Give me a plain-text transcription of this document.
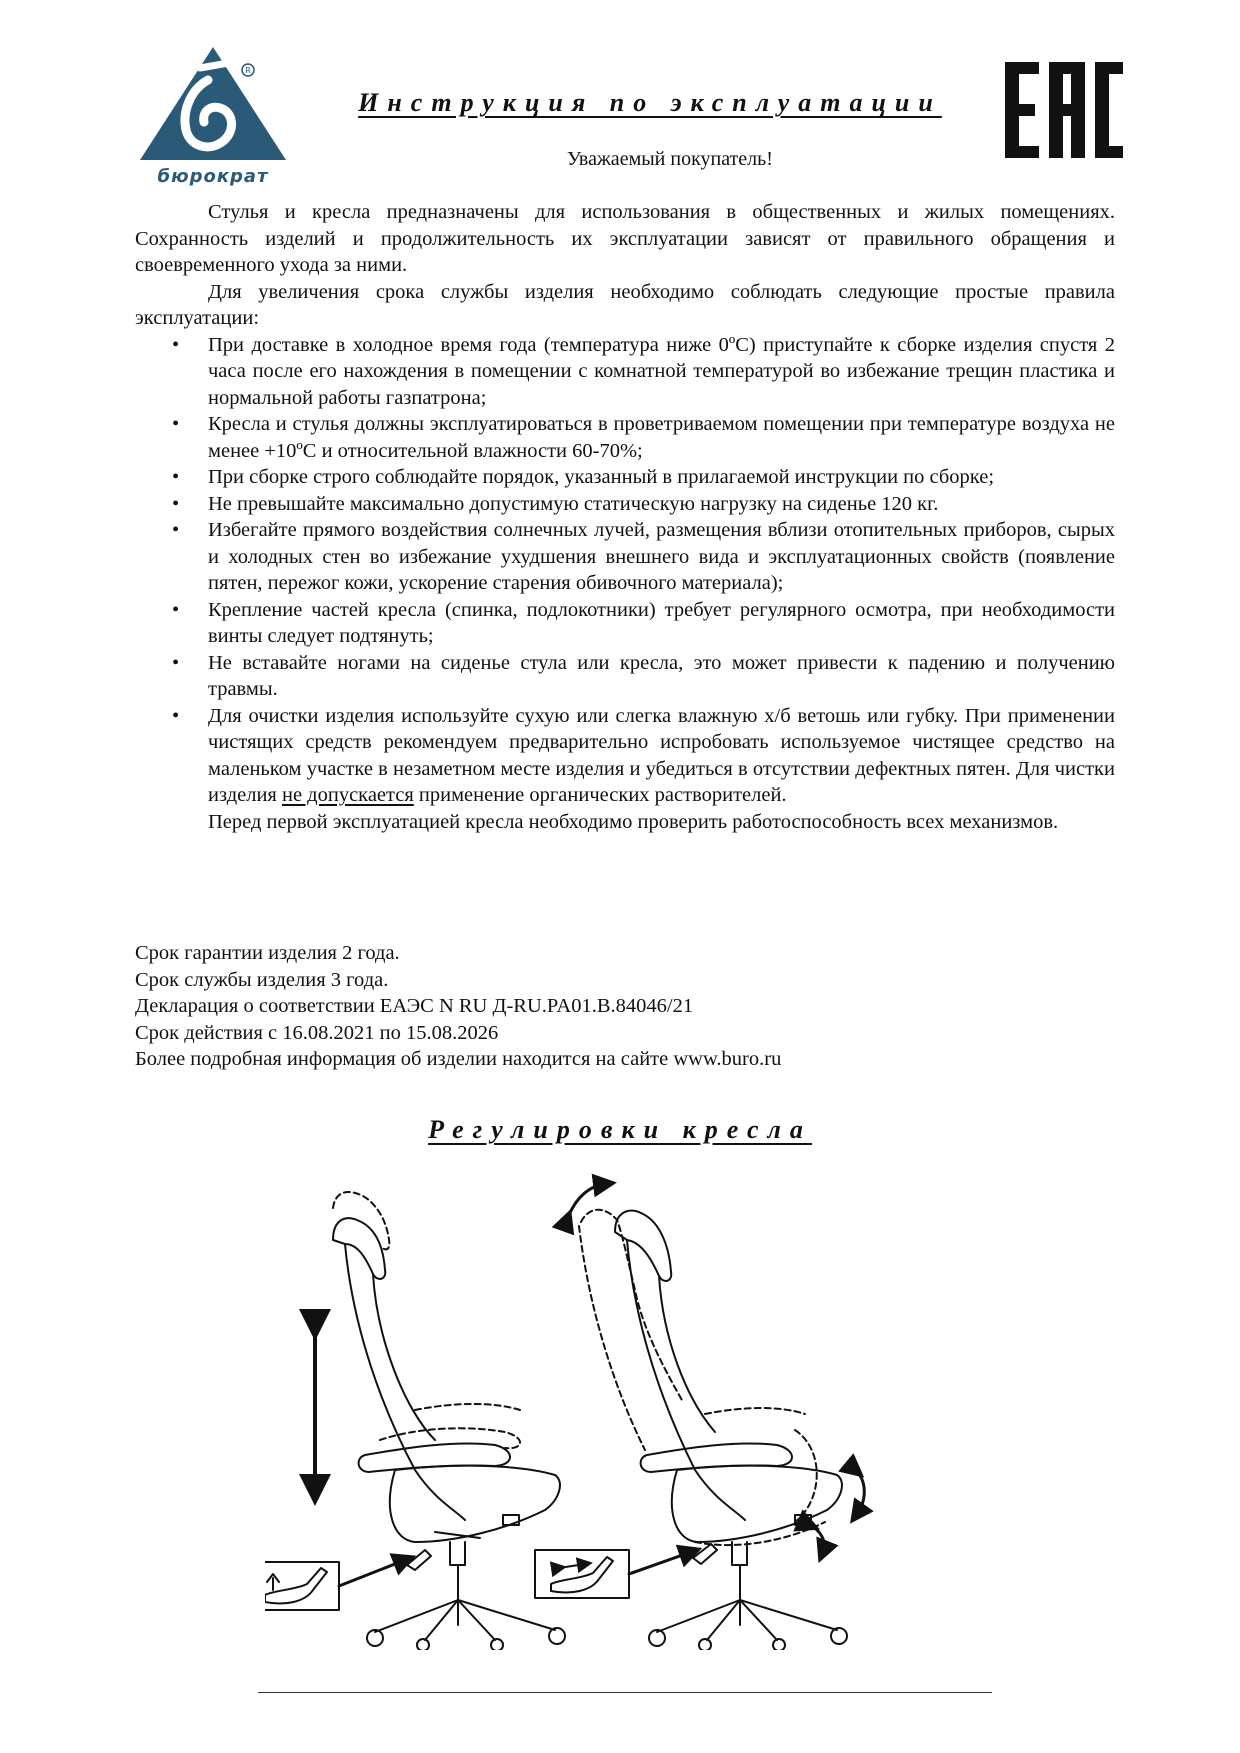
R
бюрократ
Инструкция по эксплуатации
Уважаемый покупатель!

Стулья и кресла предназначены для использования в общественных и жилых помещениях. Сохранность изделий и продолжительность их эксплуатации зависят от правильного обращения и своевременного ухода за ними.

Для увеличения срока службы изделия необходимо соблюдать следующие простые правила эксплуатации:

• При доставке в холодное время года (температура ниже 0ºС) приступайте к сборке изделия спустя 2 часа после его нахождения в помещении с комнатной температурой во избежание трещин пластика и нормальной работы газпатрона;
• Кресла и стулья должны эксплуатироваться в проветриваемом помещении при температуре воздуха не менее +10ºС и относительной влажности 60-70%;
• При сборке строго соблюдайте порядок, указанный в прилагаемой инструкции по сборке;
• Не превышайте максимально допустимую статическую нагрузку на сиденье 120 кг.
• Избегайте прямого воздействия солнечных лучей, размещения вблизи отопительных приборов, сырых и холодных стен во избежание ухудшения внешнего вида и эксплуатационных свойств (появление пятен, пережог кожи, ускорение старения обивочного материала);
• Крепление частей кресла (спинка, подлокотники) требует регулярного осмотра, при необходимости винты следует подтянуть;
• Не вставайте ногами на сиденье стула или кресла, это может привести к падению и получению травмы.
• Для очистки изделия используйте сухую или слегка влажную х/б ветошь или губку. При применении чистящих средств рекомендуем предварительно испробовать используемое чистящее средство на маленьком участке в незаметном месте изделия и убедиться в отсутствии дефектных пятен. Для чистки изделия не допускается применение органических растворителей.

Перед первой эксплуатацией кресла необходимо проверить работоспособность всех механизмов.

Срок гарантии изделия 2 года.
Срок службы изделия 3 года.
Декларация о соответствии ЕАЭС N RU Д-RU.PA01.B.84046/21
Срок действия с 16.08.2021 по 15.08.2026
Более подробная информация об изделии находится на сайте www.buro.ru
Регулировки кресла
